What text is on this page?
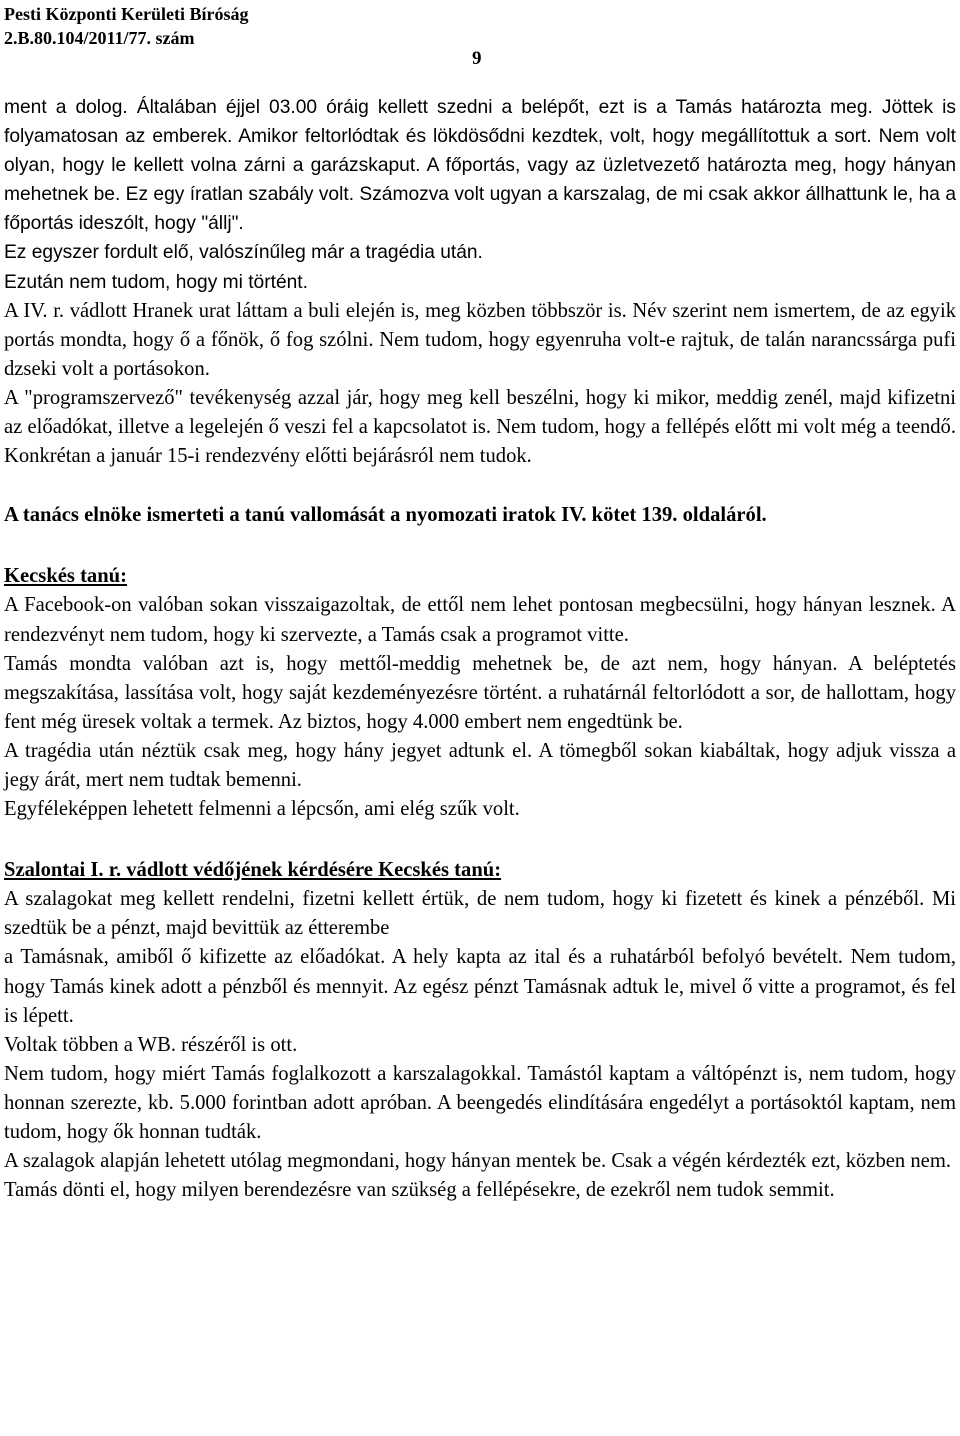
Pesti Központi Kerületi Bíróság
2.B.80.104/2011/77. szám
9

ment a dolog. Általában éjjel 03.00 óráig kellett szedni a belépőt, ezt is a Tamás határozta meg. Jöttek is folyamatosan az emberek. Amikor feltorlódtak és lökdösődni kezdtek, volt, hogy megállítottuk a sort. Nem volt olyan, hogy le kellett volna zárni a garázskaput. A főportás, vagy az üzletvezető határozta meg, hogy hányan mehetnek be. Ez egy íratlan szabály volt. Számozva volt ugyan a karszalag, de mi csak akkor állhattunk le, ha a főportás ideszólt, hogy "állj".

Ez egyszer fordult elő, valószínűleg már a tragédia után.

Ezután nem tudom, hogy mi történt.

A IV. r. vádlott Hranek urat láttam a buli elején is, meg közben többször is. Név szerint nem ismertem, de az egyik portás mondta, hogy ő a főnök, ő fog szólni. Nem tudom, hogy egyenruha volt-e rajtuk, de talán narancssárga pufi dzseki volt a portásokon.

A "programszervező" tevékenység azzal jár, hogy meg kell beszélni, hogy ki mikor, meddig zenél, majd kifizetni az előadókat, illetve a legelején ő veszi fel a kapcsolatot is. Nem tudom, hogy a fellépés előtt mi volt még a teendő. Konkrétan a január 15-i rendezvény előtti bejárásról nem tudok.

A tanács elnöke ismerteti a tanú vallomását a nyomozati iratok IV. kötet 139. oldaláról.

Kecskés tanú:

A Facebook-on valóban sokan visszaigazoltak, de ettől nem lehet pontosan megbecsülni, hogy hányan lesznek. A rendezvényt nem tudom, hogy ki szervezte, a Tamás csak a programot vitte.

Tamás mondta valóban azt is, hogy mettől-meddig mehetnek be, de azt nem, hogy hányan. A beléptetés megszakítása, lassítása volt, hogy saját kezdeményezésre történt. a ruhatárnál feltorlódott a sor, de hallottam, hogy fent még üresek voltak a termek. Az biztos, hogy 4.000 embert nem engedtünk be.

A tragédia után néztük csak meg, hogy hány jegyet adtunk el. A tömegből sokan kiabáltak, hogy adjuk vissza a jegy árát, mert nem tudtak bemenni.

Egyféleképpen lehetett felmenni a lépcsőn, ami elég szűk volt.

Szalontai I. r. vádlott védőjének kérdésére Kecskés tanú:

A szalagokat meg kellett rendelni, fizetni kellett értük, de nem tudom, hogy ki fizetett és kinek a pénzéből. Mi szedtük be a pénzt, majd bevittük az étterembe

a Tamásnak, amiből ő kifizette az előadókat. A hely kapta az ital és a ruhatárból befolyó bevételt. Nem tudom, hogy Tamás kinek adott a pénzből és mennyit. Az egész pénzt Tamásnak adtuk le, mivel ő vitte a programot, és fel is lépett.

Voltak többen a WB. részéről is ott.

Nem tudom, hogy miért Tamás foglalkozott a karszalagokkal. Tamástól kaptam a váltópénzt is, nem tudom, hogy honnan szerezte, kb. 5.000 forintban adott apróban. A beengedés elindítására engedélyt a portásoktól kaptam, nem tudom, hogy ők honnan tudták.

A szalagok alapján lehetett utólag megmondani, hogy hányan mentek be. Csak a végén kérdezték ezt, közben nem.

Tamás dönti el, hogy milyen berendezésre van szükség a fellépésekre, de ezekről nem tudok semmit.
